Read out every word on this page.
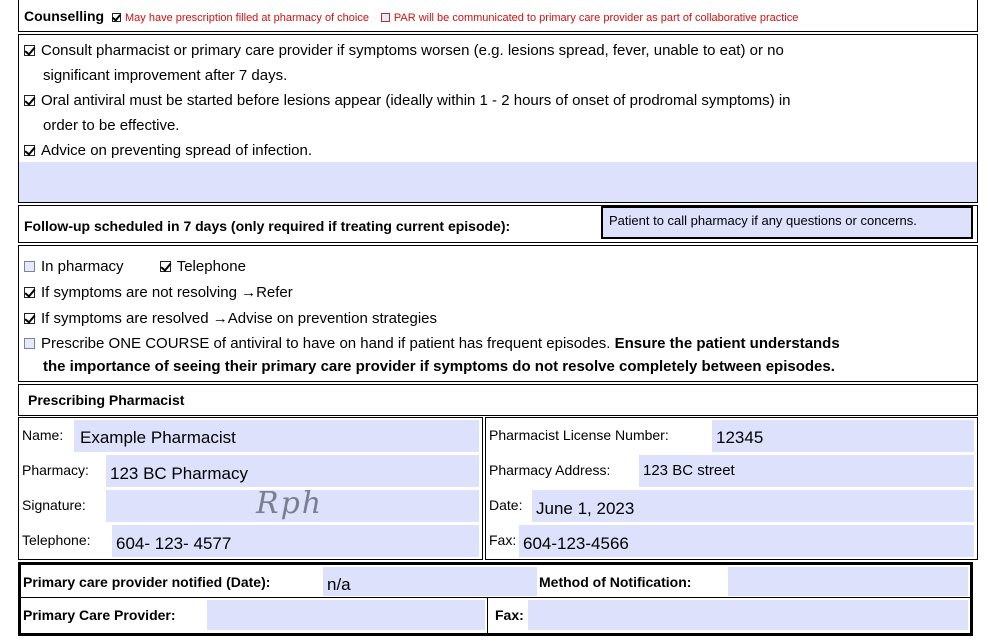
Counselling May have prescription filled at pharmacy of choice PAR will be communicated to primary care provider as part of collaborative practice
Consult pharmacist or primary care provider if symptoms worsen (e.g. lesions spread, fever, unable to eat) or no
significant improvement after 7 days.
Oral antiviral must be started before lesions appear (ideally within 1 - 2 hours of onset of prodromal symptoms) in
order to be effective.
Advice on preventing spread of infection.
Follow-up scheduled in 7 days (only required if treating current episode):	Patient to call pharmacy if any questions or concerns.
In pharmacy	Telephone
If symptoms are not resolving →Refer
If symptoms are resolved →Advise on prevention strategies
Prescribe ONE COURSE of antiviral to have on hand if patient has frequent episodes. Ensure the patient understands
the importance of seeing their primary care provider if symptoms do not resolve completely between episodes.
Prescribing Pharmacist
Name: Example Pharmacist	Pharmacist License Number:	12345
Pharmacy: 123 BC Pharmacy	Pharmacy Address: 123 BC street
Signature:	Rph	Date: June 1, 2023
Telephone: 604- 123- 4577	Fax: 604-123-4566
Primary care provider notified (Date):	n/a	Method of Notification:
Primary Care Provider:	Fax:
